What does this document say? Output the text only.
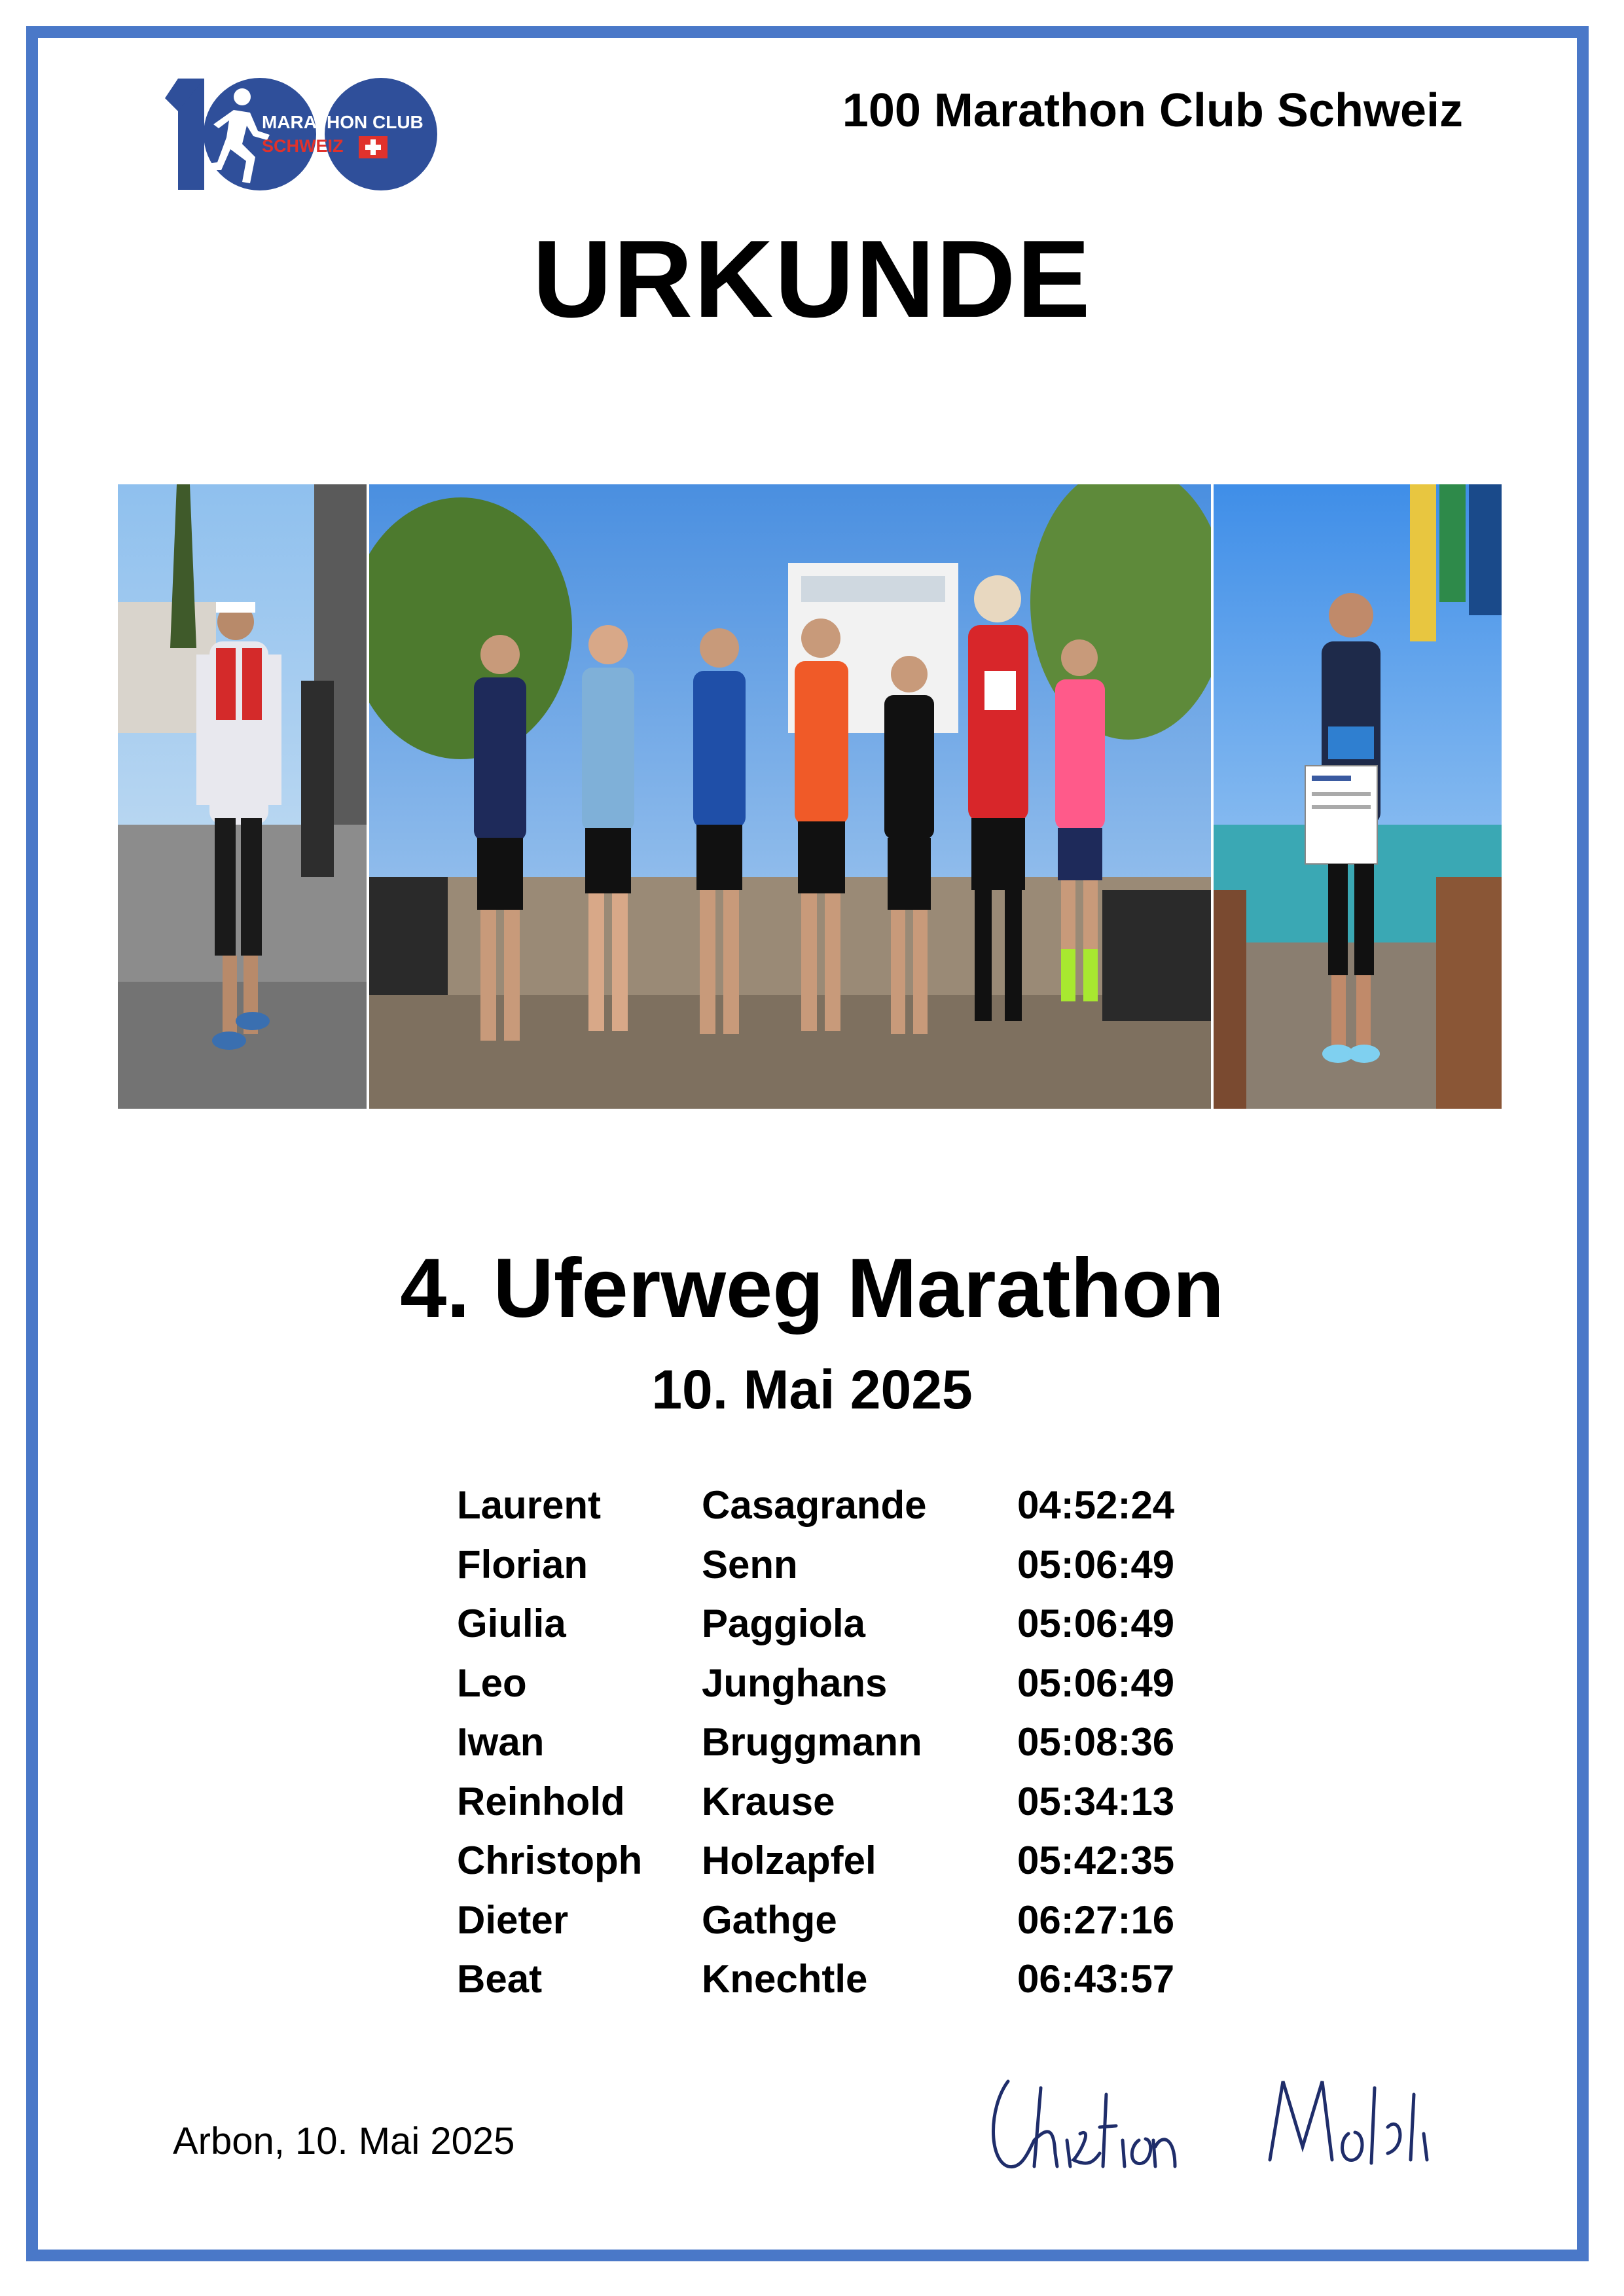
MARATHON CLUB
SCHWEIZ
100 Marathon Club Schweiz
URKUNDE
4. Uferweg Marathon
10. Mai 2025
Laurent	Casagrande 04:52:24
Florian	Senn	05:06:49
Giulia	Paggiola	05:06:49
Leo	Junghans	05:06:49
Iwan	Bruggmann 05:08:36
Reinhold Krause	05:34:13
Christoph Holzapfel	05:42:35
Dieter	Gathge	06:27:16
Beat	Knechtle	06:43:57
Arbon, 10. Mai 2025
